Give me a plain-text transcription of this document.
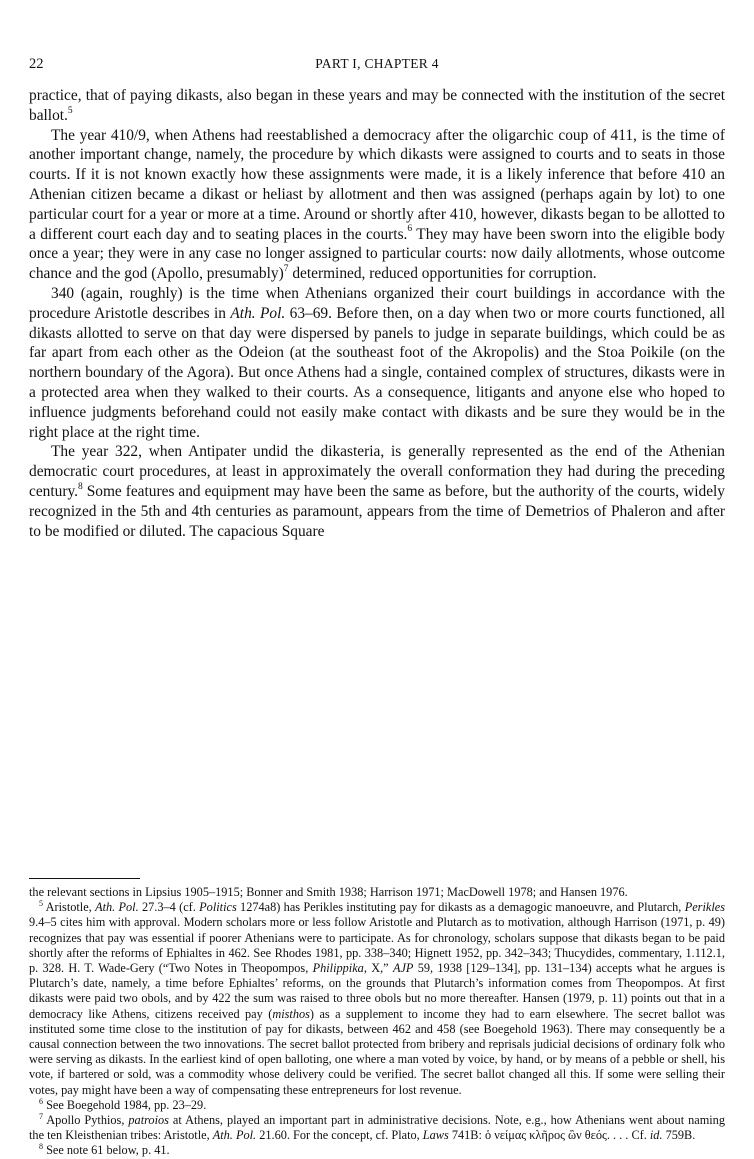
22	PART I, CHAPTER 4

practice, that of paying dikasts, also began in these years and may be connected with the institution of the secret ballot.$^5$

The year 410/9, when Athens had reestablished a democracy after the oligarchic coup of 411, is the time of another important change, namely, the procedure by which dikasts were assigned to courts and to seats in those courts. If it is not known exactly how these assignments were made, it is a likely inference that before 410 an Athenian citizen became a dikast or heliast by allotment and then was assigned (perhaps again by lot) to one particular court for a year or more at a time. Around or shortly after 410, however, dikasts began to be allotted to a different court each day and to seating places in the courts.$^6$ They may have been sworn into the eligible body once a year; they were in any case no longer assigned to particular courts: now daily allotments, whose outcome chance and the god (Apollo, presumably)$^7$ determined, reduced opportunities for corruption.

340 (again, roughly) is the time when Athenians organized their court buildings in accordance with the procedure Aristotle describes in Ath. Pol. 63–69. Before then, on a day when two or more courts functioned, all dikasts allotted to serve on that day were dispersed by panels to judge in separate buildings, which could be as far apart from each other as the Odeion (at the southeast foot of the Akropolis) and the Stoa Poikile (on the northern boundary of the Agora). But once Athens had a single, contained complex of structures, dikasts were in a protected area when they walked to their courts. As a consequence, litigants and anyone else who hoped to influence judgments beforehand could not easily make contact with dikasts and be sure they would be in the right place at the right time.

The year 322, when Antipater undid the dikasteria, is generally represented as the end of the Athenian democratic court procedures, at least in approximately the overall conformation they had during the preceding century.$^8$ Some features and equipment may have been the same as before, but the authority of the courts, widely recognized in the 5th and 4th centuries as paramount, appears from the time of Demetrios of Phaleron and after to be modified or diluted. The capacious Square

the relevant sections in Lipsius 1905–1915; Bonner and Smith 1938; Harrison 1971; MacDowell 1978; and Hansen 1976.

$^5$ Aristotle, Ath. Pol. 27.3–4 (cf. Politics 1274a8) has Perikles instituting pay for dikasts as a demagogic manoeuvre, and Plutarch, Perikles 9.4–5 cites him with approval. Modern scholars more or less follow Aristotle and Plutarch as to motivation, although Harrison (1971, p. 49) recognizes that pay was essential if poorer Athenians were to participate. As for chronology, scholars suppose that dikasts began to be paid shortly after the reforms of Ephialtes in 462. See Rhodes 1981, pp. 338–340; Hignett 1952, pp. 342–343; Thucydides, commentary, 1.112.1, p. 328. H. T. Wade-Gery (“Two Notes in Theopompos, Philippika, X,” AJP 59, 1938 [129–134], pp. 131–134) accepts what he argues is Plutarch’s date, namely, a time before Ephialtes’ reforms, on the grounds that Plutarch’s information comes from Theopompos. At first dikasts were paid two obols, and by 422 the sum was raised to three obols but no more thereafter. Hansen (1979, p. 11) points out that in a democracy like Athens, citizens received pay (misthos) as a supplement to income they had to earn elsewhere. The secret ballot was instituted some time close to the institution of pay for dikasts, between 462 and 458 (see Boegehold 1963). There may consequently be a causal connection between the two innovations. The secret ballot protected from bribery and reprisals judicial decisions of ordinary folk who were serving as dikasts. In the earliest kind of open balloting, one where a man voted by voice, by hand, or by means of a pebble or shell, his vote, if bartered or sold, was a commodity whose delivery could be verified. The secret ballot changed all this. If some were selling their votes, pay might have been a way of compensating these entrepreneurs for lost revenue.

$^6$ See Boegehold 1984, pp. 23–29.

$^7$ Apollo Pythios, patroios at Athens, played an important part in administrative decisions. Note, e.g., how Athenians went about naming the ten Kleisthenian tribes: Aristotle, Ath. Pol. 21.60. For the concept, cf. Plato, Laws 741B: ὁ νείμας κλῆρος ὢν θεός. . . . Cf. id. 759B.

$^8$ See note 61 below, p. 41.
